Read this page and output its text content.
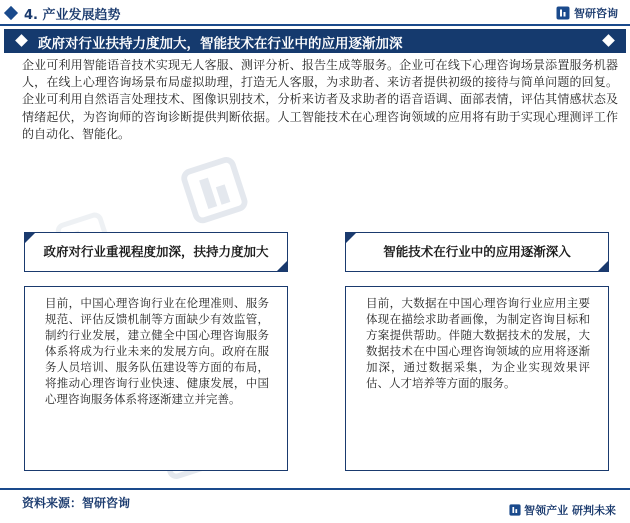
4. 产业发展趋势	智研咨询
政府对行业扶持力度加大，智能技术在行业中的应用逐渐加深
企业可利用智能语音技术实现无人客服、测评分析、报告生成等服务。企业可在线下心理咨询场景添置服务机器人，在线上心理咨询场景布局虚拟助理，打造无人客服，为求助者、来访者提供初级的接待与简单问题的回复。企业可利用自然语言处理技术、图像识别技术，分析来访者及求助者的语音语调、面部表情，评估其情感状态及情绪起伏，为咨询师的咨询诊断提供判断依据。人工智能技术在心理咨询领域的应用将有助于实现心理测评工作的自动化、智能化。
政府对行业重视程度加深，扶持力度加大
目前，中国心理咨询行业在伦理准则、服务规范、评估反馈机制等方面缺少有效监管，制约行业发展，建立健全中国心理咨询服务体系将成为行业未来的发展方向。政府在服务人员培训、服务队伍建设等方面的布局，将推动心理咨询行业快速、健康发展，中国心理咨询服务体系将逐渐建立并完善。
智能技术在行业中的应用逐渐深入
目前，大数据在中国心理咨询行业应用主要体现在描绘求助者画像，为制定咨询目标和方案提供帮助。伴随大数据技术的发展，大数据技术在中国心理咨询领域的应用将逐渐加深，通过数据采集，为企业实现效果评估、人才培养等方面的服务。
资料来源：智研咨询
智领产业 研判未来
